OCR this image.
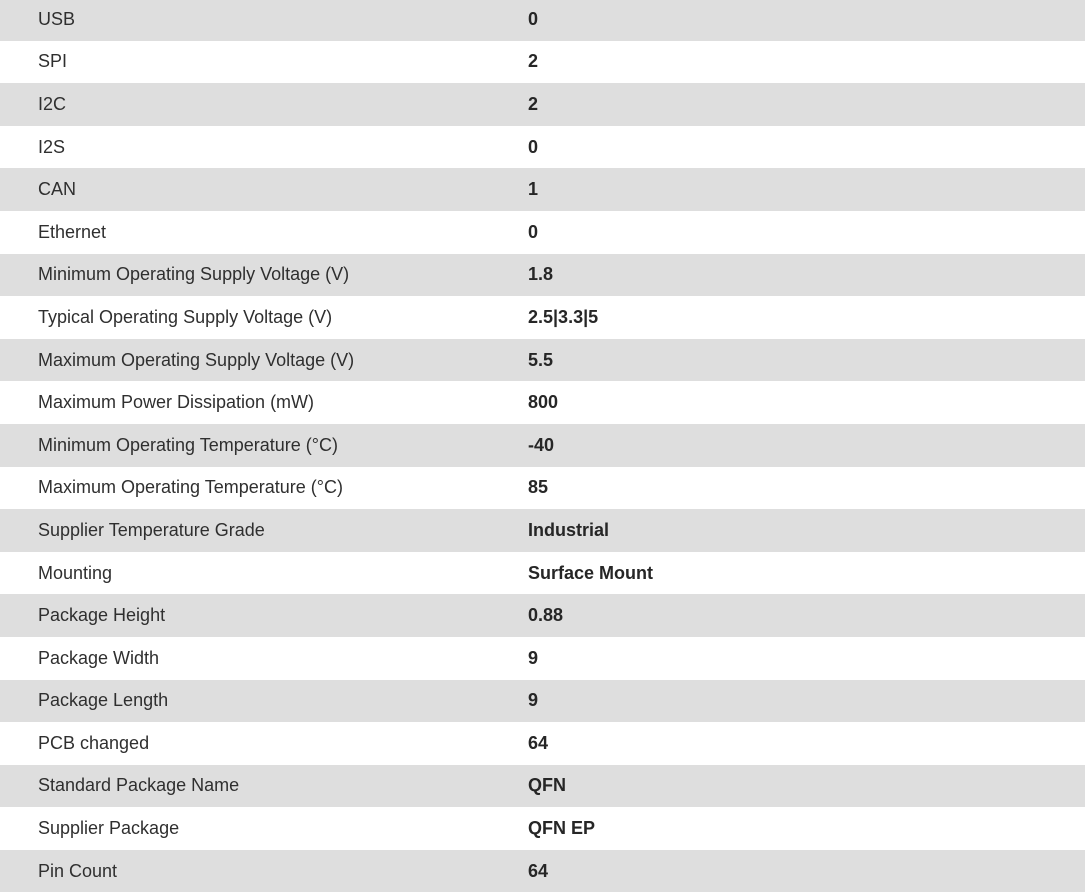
USB	0
SPI	2
I2C	2
I2S	0
CAN	1
Ethernet	0
Minimum Operating Supply Voltage (V)	1.8
Typical Operating Supply Voltage (V)	2.5|3.3|5
Maximum Operating Supply Voltage (V)	5.5
Maximum Power Dissipation (mW)	800
Minimum Operating Temperature (°C)	-40
Maximum Operating Temperature (°C)	85
Supplier Temperature Grade	Industrial
Mounting	Surface Mount
Package Height	0.88
Package Width	9
Package Length	9
PCB changed	64
Standard Package Name	QFN
Supplier Package	QFN EP
Pin Count	64
